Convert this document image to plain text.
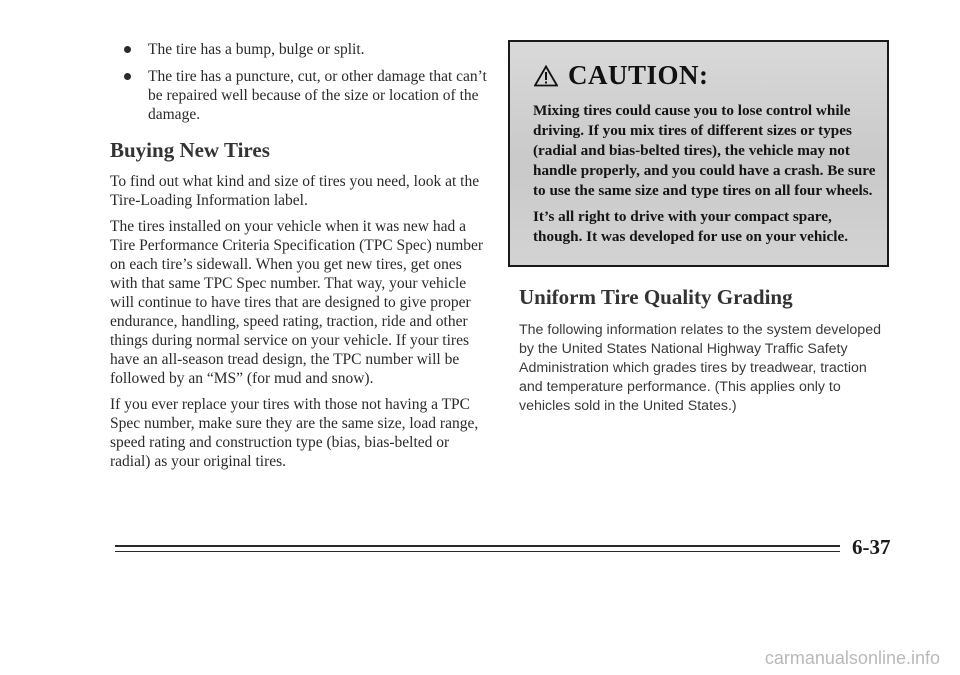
The tire has a bump, bulge or split.
The tire has a puncture, cut, or other damage that can’t be repaired well because of the size or location of the damage.
Buying New Tires

To find out what kind and size of tires you need, look at the Tire-Loading Information label.

The tires installed on your vehicle when it was new had a Tire Performance Criteria Specification (TPC Spec) number on each tire’s sidewall. When you get new tires, get ones with that same TPC Spec number. That way, your vehicle will continue to have tires that are designed to give proper endurance, handling, speed rating, traction, ride and other things during normal service on your vehicle. If your tires have an all-season tread design, the TPC number will be followed by an “MS” (for mud and snow).

If you ever replace your tires with those not having a TPC Spec number, make sure they are the same size, load range, speed rating and construction type (bias, bias-belted or radial) as your original tires.

CAUTION:

Mixing tires could cause you to lose control while driving. If you mix tires of different sizes or types (radial and bias-belted tires), the vehicle may not handle properly, and you could have a crash. Be sure to use the same size and type tires on all four wheels.

It’s all right to drive with your compact spare, though. It was developed for use on your vehicle.

Uniform Tire Quality Grading

The following information relates to the system developed by the United States National Highway Traffic Safety Administration which grades tires by treadwear, traction and temperature performance. (This applies only to vehicles sold in the United States.)

6-37
carmanualsonline.info
